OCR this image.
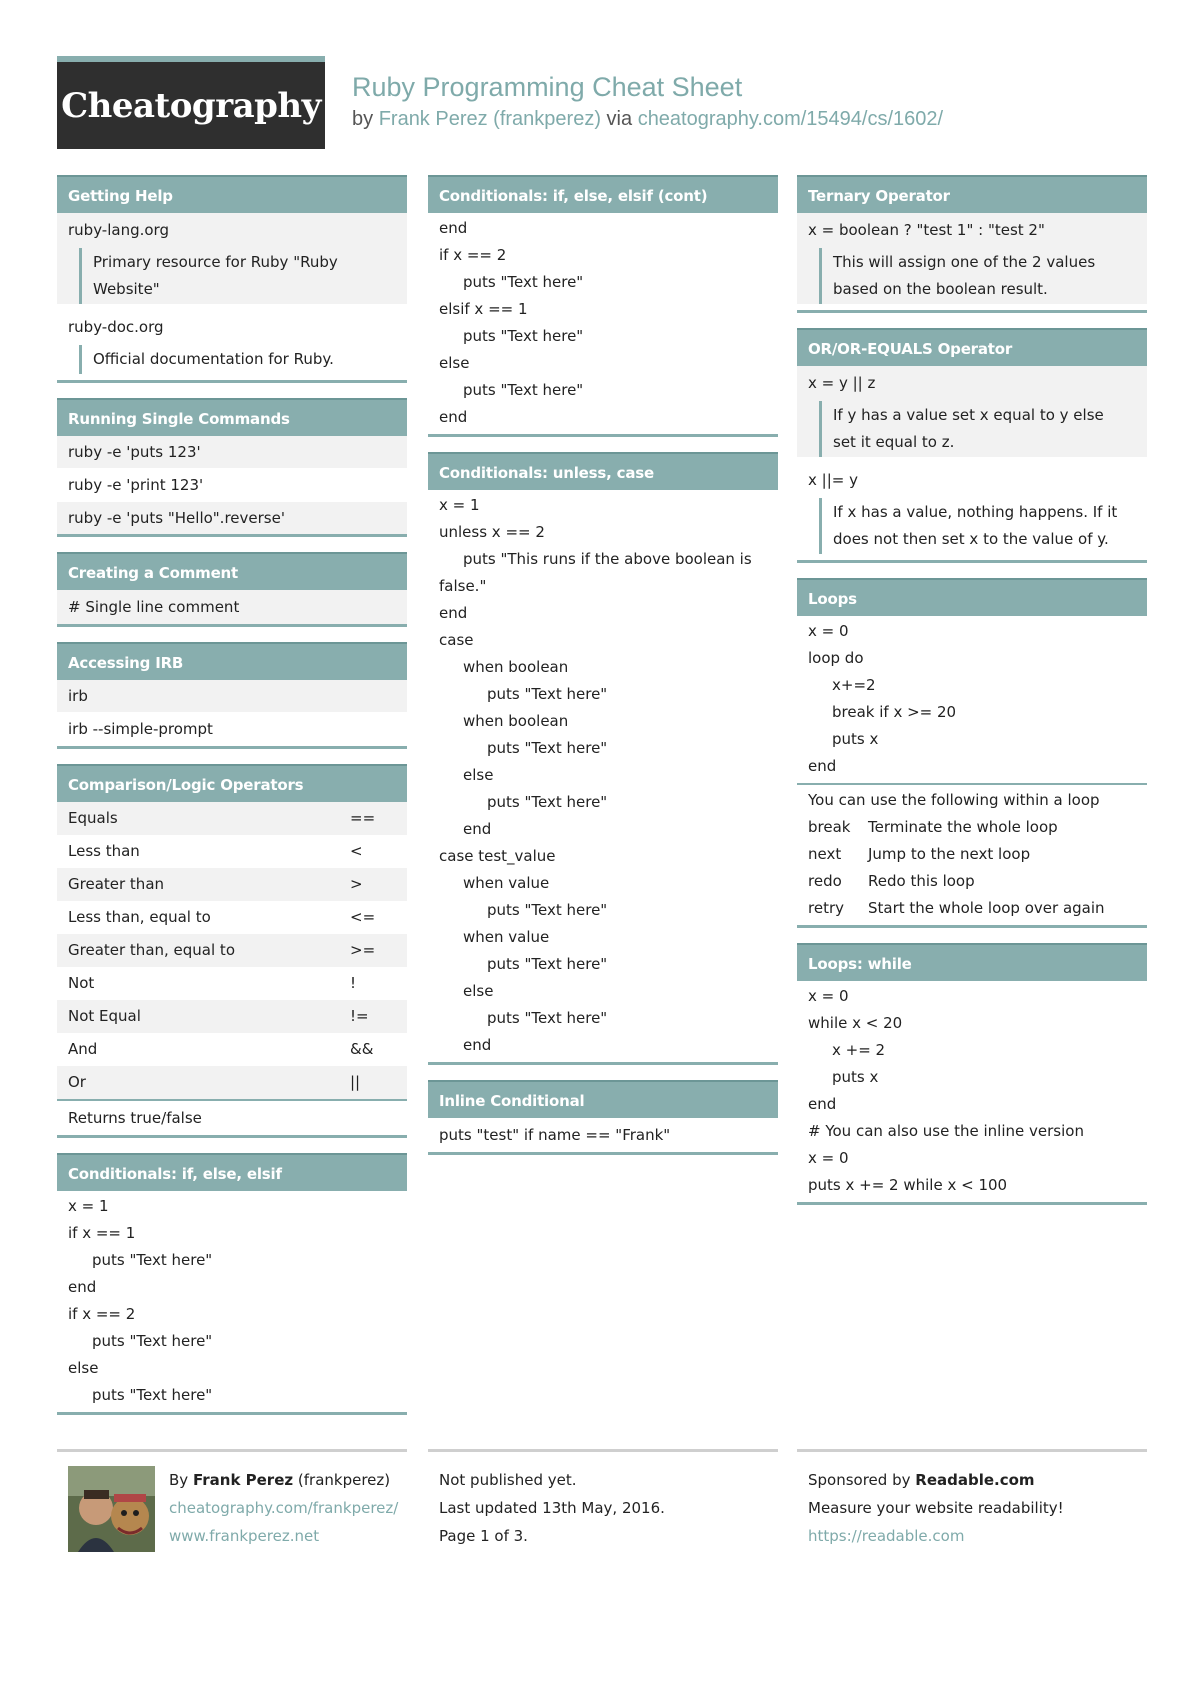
Cheatography Ruby Programming Cheat Sheet
by Frank Perez (frankperez) via cheatography.com/15494/cs/1602/
Getting Help
ruby-lang.org
Primary resource for Ruby "Ruby Website"
ruby-doc.org
Official documentation for Ruby.
Running Single Commands
ruby -e 'puts 123'
ruby -e 'print 123'
ruby -e 'puts "Hello".reverse'
Creating a Comment
# Single line comment
Accessing IRB
irb
irb --simple-prompt
Comparison/Logic Operators
Equals	==
Less than	<
Greater than	>
Less than, equal to	<=
Greater than, equal to	>=
Not	!
Not Equal	!=
And	&&
Or	||
Returns true/false
Conditionals: if, else, elsif
x = 1
if x == 1
puts "Text here"
end
if x == 2
puts "Text here"
else
puts "Text here"
Conditionals: if, else, elsif (cont)
end
if x == 2
puts "Text here"
elsif x == 1
puts "Text here"
else
puts "Text here"
end
Conditionals: unless, case
x = 1
unless x == 2
puts "This runs if the above boolean is false."
end
case
when boolean
puts "Text here"
when boolean
puts "Text here"
else
puts "Text here"
end
case test_value
when value
puts "Text here"
when value
puts "Text here"
else
puts "Text here"
end
Inline Conditional
puts "test" if name == "Frank"
Ternary Operator
x = boolean ? "test 1" : "test 2"
This will assign one of the 2 values based on the boolean result.
OR/OR-EQUALS Operator
x = y || z
If y has a value set x equal to y else set it equal to z.
x ||= y
If x has a value, nothing happens. If it does not then set x to the value of y.
Loops
x = 0
loop do
x+=2
break if x >= 20
puts x
end
You can use the following within a loop
break	Terminate the whole loop
next	Jump to the next loop
redo	Redo this loop
retry	Start the whole loop over again
Loops: while
x = 0
while x < 20
x += 2
puts x
end
# You can also use the inline version
x = 0
puts x += 2 while x < 100
By Frank Perez (frankperez)
cheatography.com/frankperez/
www.frankperez.net
Not published yet.
Last updated 13th May, 2016.
Page 1 of 3.
Sponsored by Readable.com
Measure your website readability!
https://readable.com
